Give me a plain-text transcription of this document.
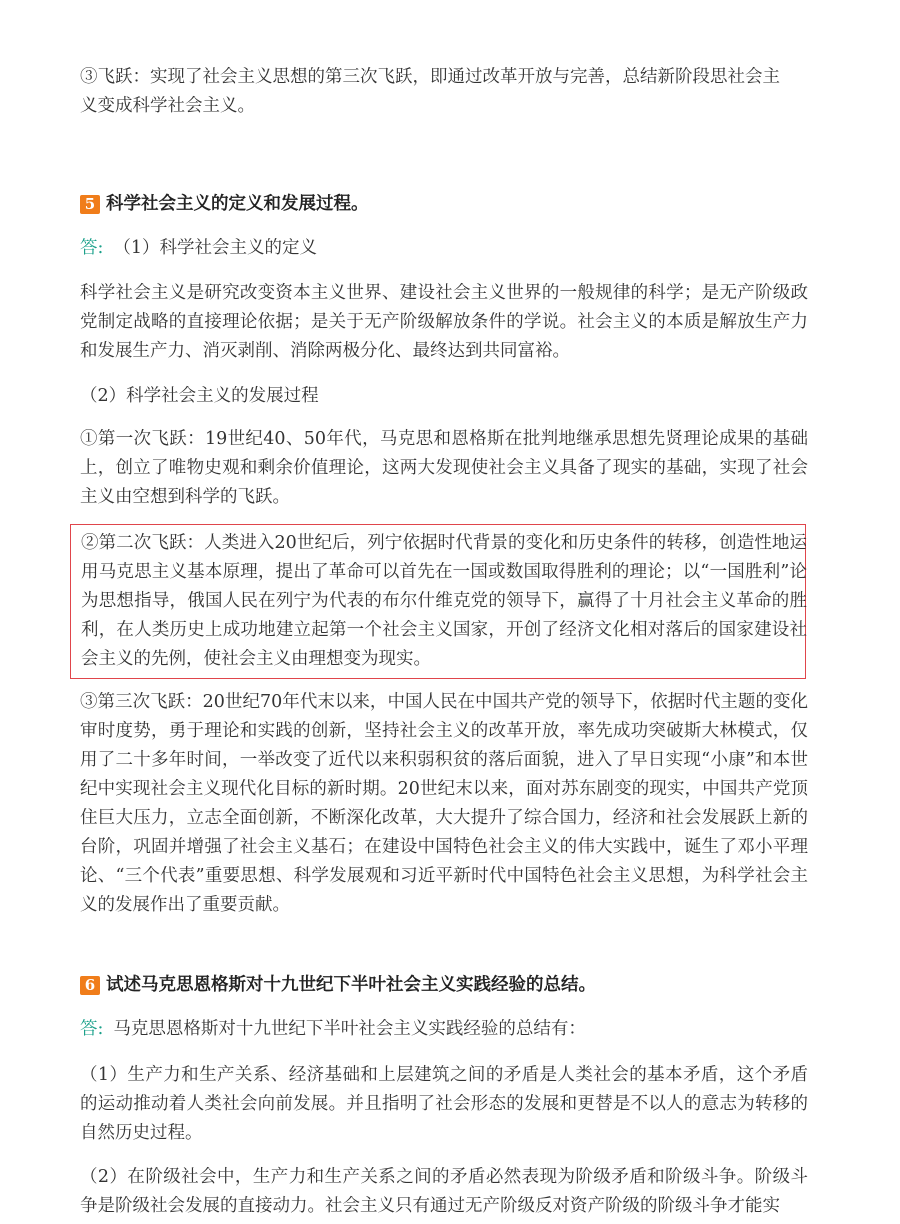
③飞跃：实现了社会主义思想的第三次飞跃，即通过改革开放与完善，总结新阶段思社会主

义变成科学社会主义。

5 科学社会主义的定义和发展过程。
答: （1）科学社会主义的定义

科学社会主义是研究改变资本主义世界、建设社会主义世界的一般规律的科学；是无产阶级政党制定战略的直接理论依据；是关于无产阶级解放条件的学说。社会主义的本质是解放生产力和发展生产力、消灭剥削、消除两极分化、最终达到共同富裕。

（2）科学社会主义的发展过程

①第一次飞跃：19世纪40、50年代，马克思和恩格斯在批判地继承思想先贤理论成果的基础上，创立了唯物史观和剩余价值理论，这两大发现使社会主义具备了现实的基础，实现了社会主义由空想到科学的飞跃。

②第二次飞跃：人类进入20世纪后，列宁依据时代背景的变化和历史条件的转移，创造性地运用马克思主义基本原理，提出了革命可以首先在一国或数国取得胜利的理论；以“一国胜利”论为思想指导，俄国人民在列宁为代表的布尔什维克党的领导下，赢得了十月社会主义革命的胜利，在人类历史上成功地建立起第一个社会主义国家，开创了经济文化相对落后的国家建设社会主义的先例，使社会主义由理想变为现实。

③第三次飞跃：20世纪70年代末以来，中国人民在中国共产党的领导下，依据时代主题的变化审时度势，勇于理论和实践的创新，坚持社会主义的改革开放，率先成功突破斯大林模式，仅用了二十多年时间，一举改变了近代以来积弱积贫的落后面貌，进入了早日实现“小康”和本世纪中实现社会主义现代化目标的新时期。20世纪末以来，面对苏东剧变的现实，中国共产党顶住巨大压力，立志全面创新，不断深化改革，大大提升了综合国力，经济和社会发展跃上新的台阶，巩固并增强了社会主义基石；在建设中国特色社会主义的伟大实践中，诞生了邓小平理论、“三个代表”重要思想、科学发展观和习近平新时代中国特色社会主义思想，为科学社会主义的发展作出了重要贡献。

6 试述马克思恩格斯对十九世纪下半叶社会主义实践经验的总结。
答: 马克思恩格斯对十九世纪下半叶社会主义实践经验的总结有：

（1）生产力和生产关系、经济基础和上层建筑之间的矛盾是人类社会的基本矛盾，这个矛盾的运动推动着人类社会向前发展。并且指明了社会形态的发展和更替是不以人的意志为转移的自然历史过程。

（2）在阶级社会中，生产力和生产关系之间的矛盾必然表现为阶级矛盾和阶级斗争。阶级斗争是阶级社会发展的直接动力。社会主义只有通过无产阶级反对资产阶级的阶级斗争才能实
